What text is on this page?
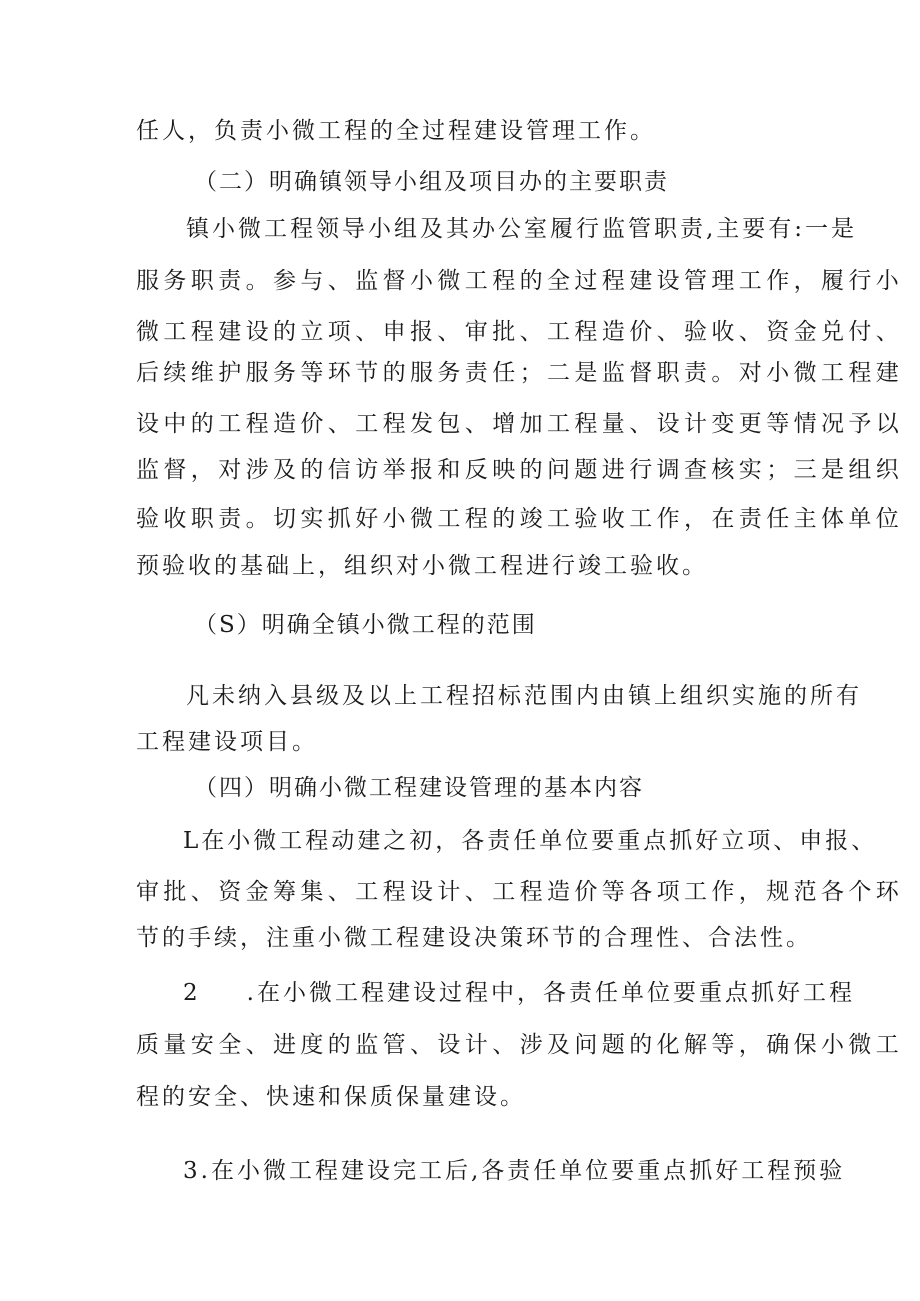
任人，负责小微工程的全过程建设管理工作。
（二）明确镇领导小组及项目办的主要职责
镇小微工程领导小组及其办公室履行监管职责,主要有:一是
服务职责。参与、监督小微工程的全过程建设管理工作，履行小
微工程建设的立项、申报、审批、工程造价、验收、资金兑付、
后续维护服务等环节的服务责任；二是监督职责。对小微工程建
设中的工程造价、工程发包、增加工程量、设计变更等情况予以
监督，对涉及的信访举报和反映的问题进行调查核实；三是组织
验收职责。切实抓好小微工程的竣工验收工作，在责任主体单位
预验收的基础上，组织对小微工程进行竣工验收。
（S）明确全镇小微工程的范围
凡未纳入县级及以上工程招标范围内由镇上组织实施的所有
工程建设项目。
（四）明确小微工程建设管理的基本内容
L在小微工程动建之初，各责任单位要重点抓好立项、申报、
审批、资金筹集、工程设计、工程造价等各项工作，规范各个环
节的手续，注重小微工程建设决策环节的合理性、合法性。
2 .在小微工程建设过程中，各责任单位要重点抓好工程
质量安全、进度的监管、设计、涉及问题的化解等，确保小微工
程的安全、快速和保质保量建设。
3.在小微工程建设完工后,各责任单位要重点抓好工程预验
